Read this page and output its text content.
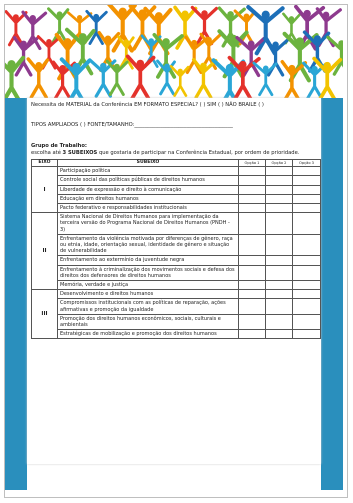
Necessita de MATERIAL da Conferência EM FORMATO ESPECIAL? ( ) SIM ( ) NÃO BRAILE ( )
TIPOS AMPLIADOS ( ) FONTE/TAMANHO:______________________________________
Grupo de Trabalho:
escolha até 3 SUBEIXOS que gostaria de participar na Conferência Estadual, por ordem de prioridade.
EIXO	SUBEIXO	Opção 1	Opção 2	Opção 3
I	Participação política			
	Controle social das políticas públicas de direitos humanos			
	Liberdade de expressão e direito à comunicação			
	Educação em direitos humanos			
	Pacto federativo e responsabilidades institucionais			
II	Sistema Nacional de Direitos Humanos para implementação da terceira versão do Programa Nacional de Direitos Humanos (PNDH - 3)			
	Enfrentamento da violência motivada por diferenças de gênero, raça ou etnia, idade, orientação sexual, identidade de gênero e situação de vulnerabilidade			
	Enfrentamento ao extermínio da juventude negra			
	Enfrentamento à criminalização dos movimentos sociais e defesa dos direitos dos defensores de direitos humanos			
	Memória, verdade e justiça			
III	Desenvolvimento e direitos humanos			
	Compromissos institucionais com as políticas de reparação, ações afirmativas e promoção da igualdade			
	Promoção dos direitos humanos econômicos, sociais, culturais e ambientais			
	Estratégicas de mobilização e promoção dos direitos humanos			
